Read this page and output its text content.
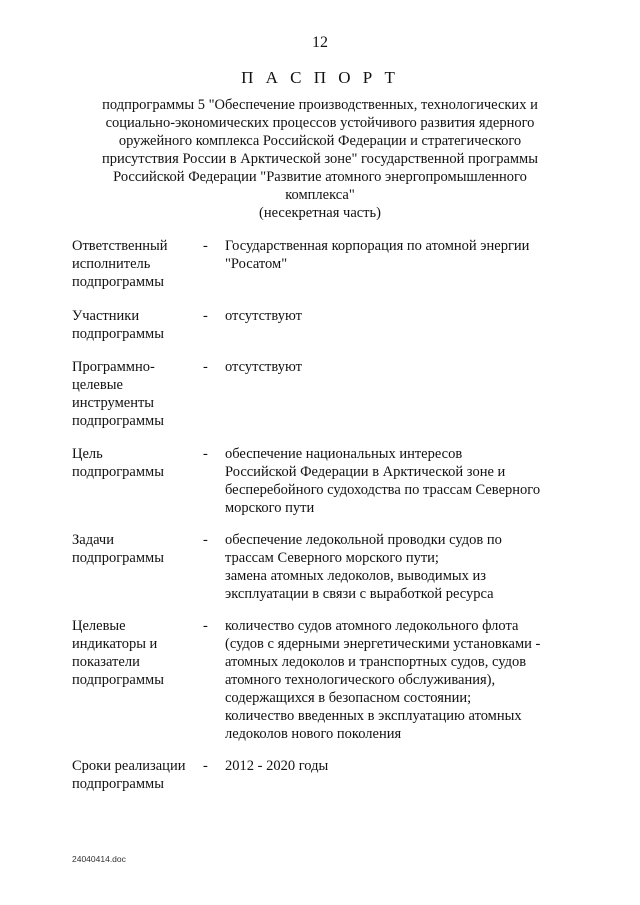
12
П А С П О Р Т
подпрограммы 5 "Обеспечение производственных, технологических и
социально-экономических процессов устойчивого развития ядерного
оружейного комплекса Российской Федерации и стратегического
присутствия России в Арктической зоне" государственной программы
Российской Федерации "Развитие атомного энергопромышленного
комплекса"
(несекретная часть)
Ответственный
исполнитель
подпрограммы
- Государственная корпорация по атомной энергии
"Росатом"
Участники
подпрограммы
- отсутствуют
Программно-
целевые
инструменты
подпрограммы
- отсутствуют
Цель
подпрограммы
- обеспечение национальных интересов
Российской Федерации в Арктической зоне и
бесперебойного судоходства по трассам Северного
морского пути
Задачи
подпрограммы
- обеспечение ледокольной проводки судов по
трассам Северного морского пути;
замена атомных ледоколов, выводимых из
эксплуатации в связи с выработкой ресурса
Целевые
индикаторы и
показатели
подпрограммы
- количество судов атомного ледокольного флота
(судов с ядерными энергетическими установками -
атомных ледоколов и транспортных судов, судов
атомного технологического обслуживания),
содержащихся в безопасном состоянии;
количество введенных в эксплуатацию атомных
ледоколов нового поколения
Сроки реализации
подпрограммы
- 2012 - 2020 годы
24040414.doc
